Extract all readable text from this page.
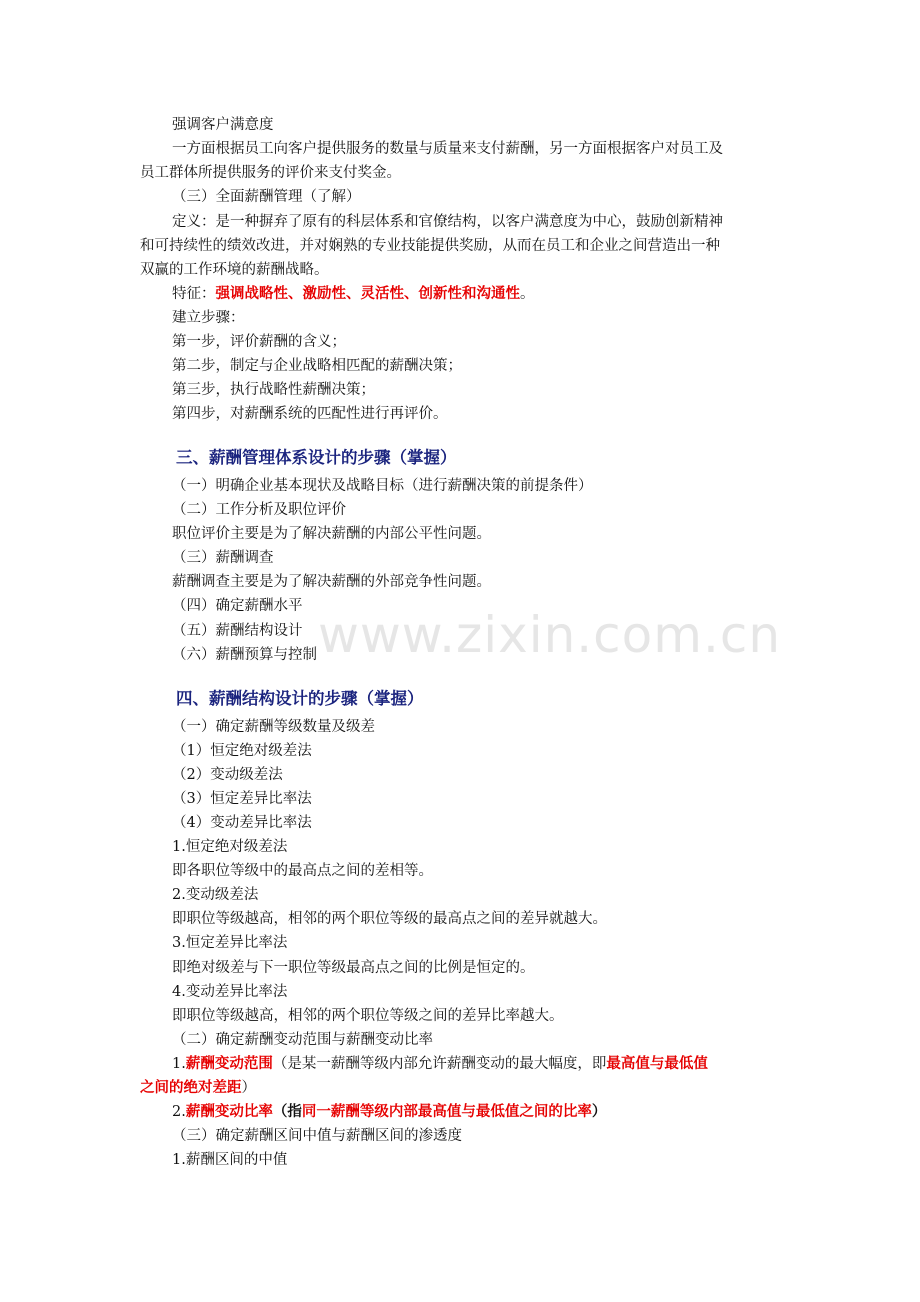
www.zixin.com.cn
强调客户满意度
一方面根据员工向客户提供服务的数量与质量来支付薪酬，另一方面根据客户对员工及
员工群体所提供服务的评价来支付奖金。
（三）全面薪酬管理（了解）
定义：是一种摒弃了原有的科层体系和官僚结构，以客户满意度为中心，鼓励创新精神
和可持续性的绩效改进，并对娴熟的专业技能提供奖励，从而在员工和企业之间营造出一种
双赢的工作环境的薪酬战略。
特征：强调战略性、激励性、灵活性、创新性和沟通性。
建立步骤：
第一步，评价薪酬的含义；
第二步，制定与企业战略相匹配的薪酬决策；
第三步，执行战略性薪酬决策；
第四步，对薪酬系统的匹配性进行再评价。
三、薪酬管理体系设计的步骤（掌握）
（一）明确企业基本现状及战略目标（进行薪酬决策的前提条件）
（二）工作分析及职位评价
职位评价主要是为了解决薪酬的内部公平性问题。
（三）薪酬调查
薪酬调查主要是为了解决薪酬的外部竞争性问题。
（四）确定薪酬水平
（五）薪酬结构设计
（六）薪酬预算与控制
四、薪酬结构设计的步骤（掌握）
（一）确定薪酬等级数量及级差
（1）恒定绝对级差法
（2）变动级差法
（3）恒定差异比率法
（4）变动差异比率法
1.恒定绝对级差法
即各职位等级中的最高点之间的差相等。
2.变动级差法
即职位等级越高，相邻的两个职位等级的最高点之间的差异就越大。
3.恒定差异比率法
即绝对级差与下一职位等级最高点之间的比例是恒定的。
4.变动差异比率法
即职位等级越高，相邻的两个职位等级之间的差异比率越大。
（二）确定薪酬变动范围与薪酬变动比率
1.薪酬变动范围（是某一薪酬等级内部允许薪酬变动的最大幅度，即最高值与最低值
之间的绝对差距）
2.薪酬变动比率（指同一薪酬等级内部最高值与最低值之间的比率）
（三）确定薪酬区间中值与薪酬区间的渗透度
1.薪酬区间的中值
